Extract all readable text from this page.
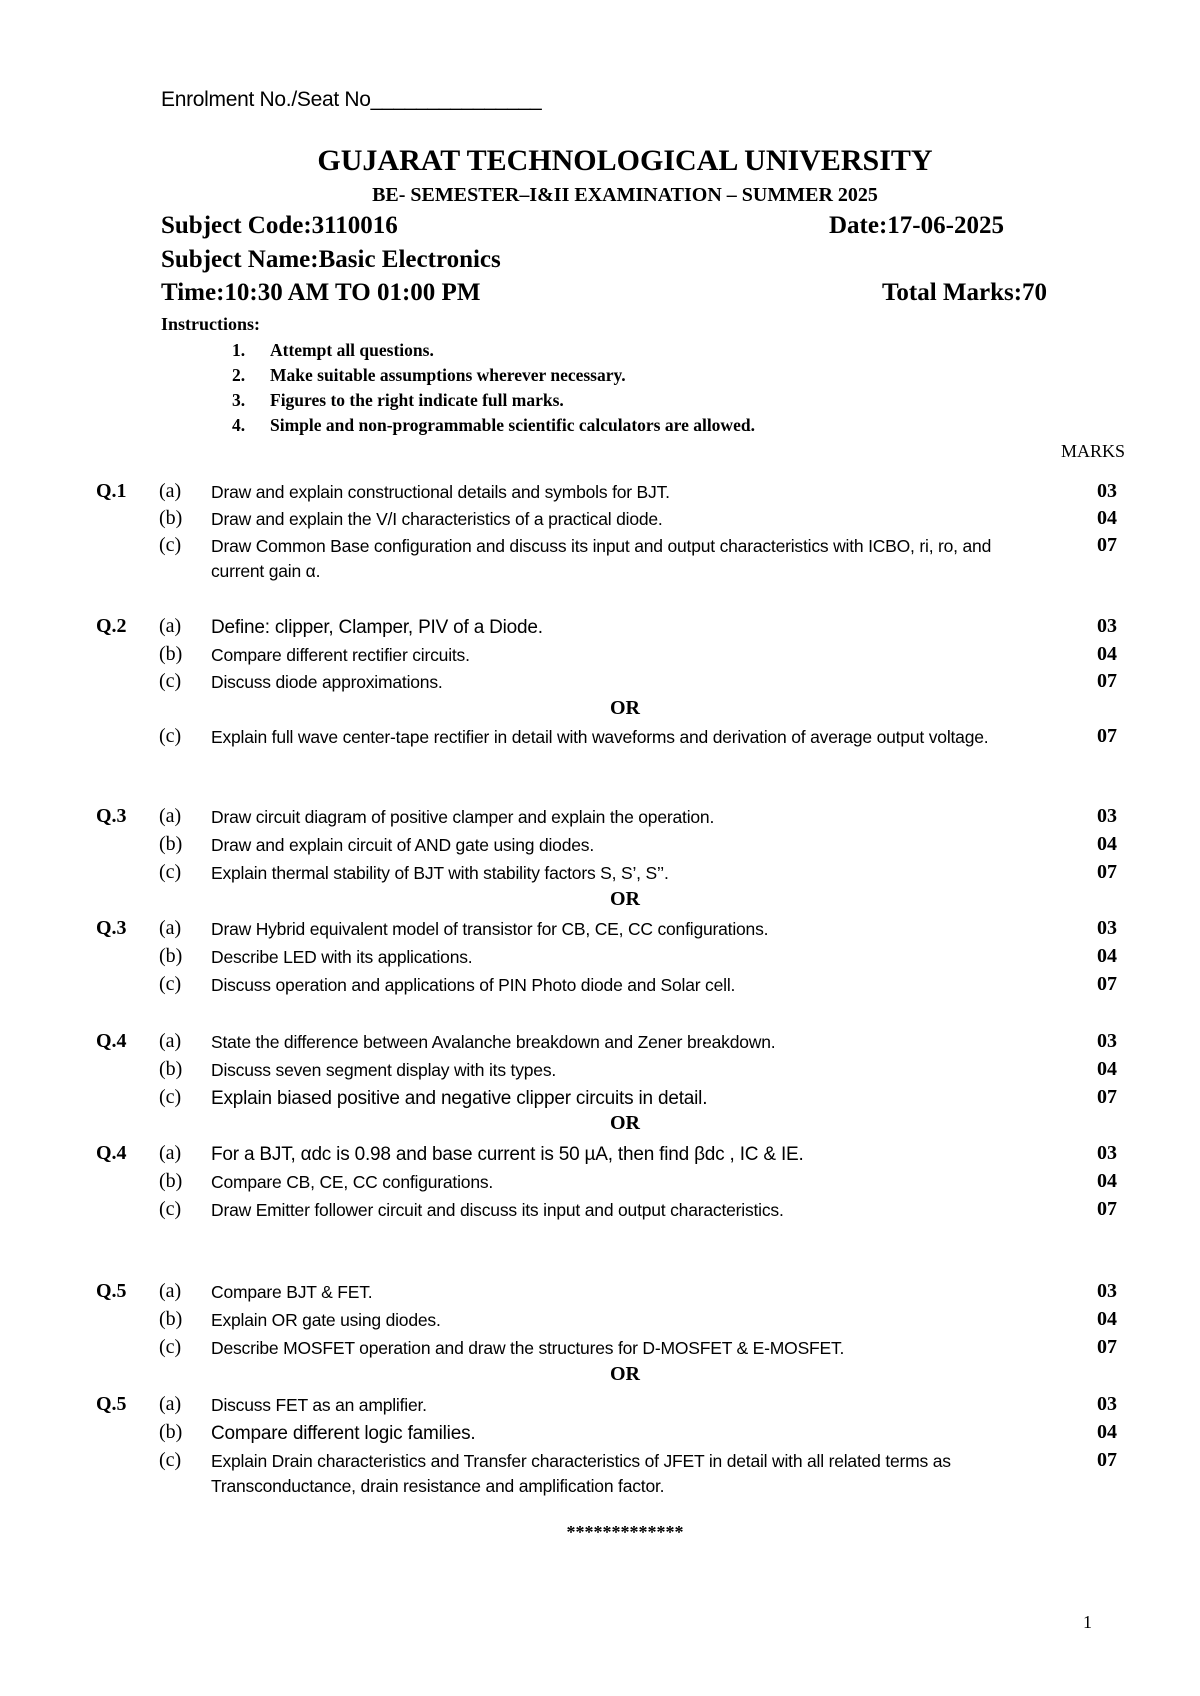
Enrolment No./Seat No_______________
GUJARAT TECHNOLOGICAL UNIVERSITY
BE- SEMESTER–I&II EXAMINATION – SUMMER 2025
Subject Code:3110016	Date:17-06-2025
Subject Name:Basic Electronics
Time:10:30 AM TO 01:00 PM	Total Marks:70
Instructions:
1. Attempt all questions.
2. Make suitable assumptions wherever necessary.
3. Figures to the right indicate full marks.
4. Simple and non-programmable scientific calculators are allowed.
MARKS
Q.1 (a) Draw and explain constructional details and symbols for BJT.	03
(b) Draw and explain the V/I characteristics of a practical diode.	04
(c) Draw Common Base configuration and discuss its input and output characteristics with ICBO, ri, ro, and current gain α.
07
Q.2 (a) Define: clipper, Clamper, PIV of a Diode.	03
(b) Compare different rectifier circuits.	04
(c) Discuss diode approximations.	07
OR
(c) Explain full wave center-tape rectifier in detail with waveforms and derivation of average output voltage.	07
Q.3 (a) Draw circuit diagram of positive clamper and explain the operation.	03
(b) Draw and explain circuit of AND gate using diodes.	04
(c) Explain thermal stability of BJT with stability factors S, S’, S’’.	07
OR
Q.3 (a) Draw Hybrid equivalent model of transistor for CB, CE, CC configurations.	03
(b) Describe LED with its applications.	04
(c) Discuss operation and applications of PIN Photo diode and Solar cell.	07
Q.4 (a) State the difference between Avalanche breakdown and Zener breakdown.	03
(b) Discuss seven segment display with its types.	04
(c) Explain biased positive and negative clipper circuits in detail.	07
OR
Q.4 (a) For a BJT, αdc is 0.98 and base current is 50 µA, then find βdc , IC & IE.	03
(b) Compare CB, CE, CC configurations.	04
(c) Draw Emitter follower circuit and discuss its input and output characteristics.	07
Q.5 (a) Compare BJT & FET.	03
(b) Explain OR gate using diodes.	04
(c) Describe MOSFET operation and draw the structures for D-MOSFET & E-MOSFET.	07
OR
Q.5 (a) Discuss FET as an amplifier.	03
(b) Compare different logic families.	04
(c) Explain Drain characteristics and Transfer characteristics of JFET in detail with all related terms as Transconductance, drain resistance and amplification factor.
07
*************
1
